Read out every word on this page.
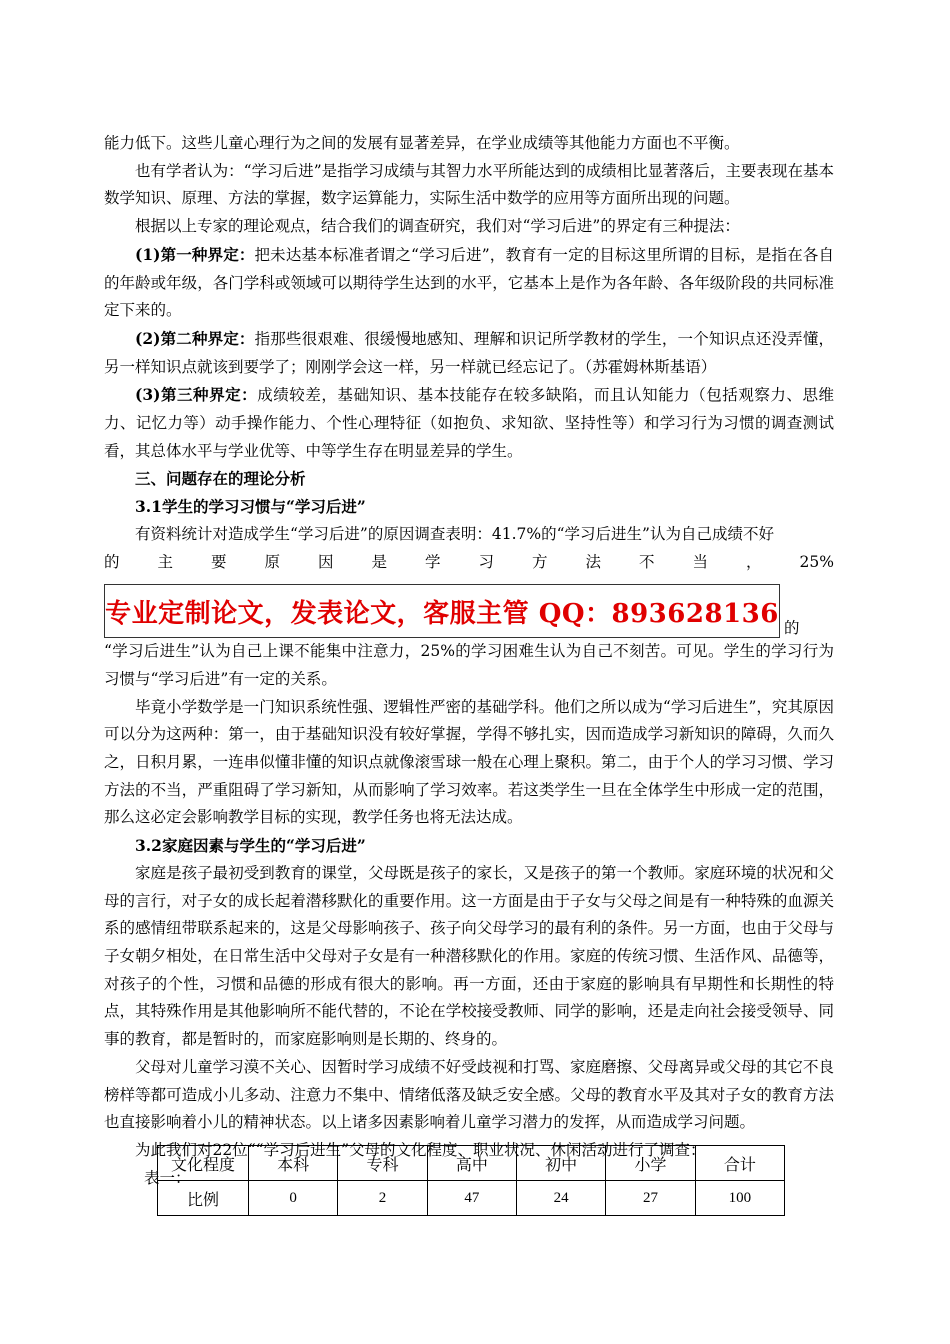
能力低下。这些儿童心理行为之间的发展有显著差异，在学业成绩等其他能力方面也不平衡。

也有学者认为：“学习后进”是指学习成绩与其智力水平所能达到的成绩相比显著落后，主要表现在基本数学知识、原理、方法的掌握，数字运算能力，实际生活中数学的应用等方面所出现的问题。

根据以上专家的理论观点，结合我们的调查研究，我们对“学习后进”的界定有三种提法：

(1)第一种界定：把未达基本标准者谓之“学习后进”，教育有一定的目标这里所谓的目标，是指在各自的年龄或年级，各门学科或领域可以期待学生达到的水平，它基本上是作为各年龄、各年级阶段的共同标准定下来的。

(2)第二种界定：指那些很艰难、很缓慢地感知、理解和识记所学教材的学生，一个知识点还没弄懂，另一样知识点就该到要学了；刚刚学会这一样，另一样就已经忘记了。（苏霍姆林斯基语）

(3)第三种界定：成绩较差，基础知识、基本技能存在较多缺陷，而且认知能力（包括观察力、思维力、记忆力等）动手操作能力、个性心理特征（如抱负、求知欲、坚持性等）和学习行为习惯的调查测试看，其总体水平与学业优等、中等学生存在明显差异的学生。

三、问题存在的理论分析

3.1学生的学习习惯与“学习后进”

有资料统计对造成学生“学习后进”的原因调查表明：41.7%的“学习后进生”认为自己成绩不好

的 主 要 原 因 是 学 习 方 法 不 当 ， 25%
专业定制论文，发表论文，客服主管 QQ：893628136 的

“学习后进生”认为自己上课不能集中注意力，25%的学习困难生认为自己不刻苦。可见。学生的学习行为习惯与“学习后进”有一定的关系。

毕竟小学数学是一门知识系统性强、逻辑性严密的基础学科。他们之所以成为“学习后进生”，究其原因可以分为这两种：第一，由于基础知识没有较好掌握，学得不够扎实，因而造成学习新知识的障碍，久而久之，日积月累，一连串似懂非懂的知识点就像滚雪球一般在心理上聚积。第二，由于个人的学习习惯、学习方法的不当，严重阻碍了学习新知，从而影响了学习效率。若这类学生一旦在全体学生中形成一定的范围，那么这必定会影响教学目标的实现，教学任务也将无法达成。

3.2家庭因素与学生的“学习后进”

家庭是孩子最初受到教育的课堂，父母既是孩子的家长，又是孩子的第一个教师。家庭环境的状况和父母的言行，对子女的成长起着潜移默化的重要作用。这一方面是由于子女与父母之间是有一种特殊的血源关系的感情纽带联系起来的，这是父母影响孩子、孩子向父母学习的最有利的条件。另一方面，也由于父母与子女朝夕相处，在日常生活中父母对子女是有一种潜移默化的作用。家庭的传统习惯、生活作风、品德等，对孩子的个性，习惯和品德的形成有很大的影响。再一方面，还由于家庭的影响具有早期性和长期性的特点，其特殊作用是其他影响所不能代替的，不论在学校接受教师、同学的影响，还是走向社会接受领导、同事的教育，都是暂时的，而家庭影响则是长期的、终身的。

父母对儿童学习漠不关心、因暂时学习成绩不好受歧视和打骂、家庭磨擦、父母离异或父母的其它不良榜样等都可造成小儿多动、注意力不集中、情绪低落及缺乏安全感。父母的教育水平及其对子女的教育方法也直接影响着小儿的精神状态。以上诸多因素影响着儿童学习潜力的发挥，从而造成学习问题。

为此我们对22位““学习后进生”父母的文化程度、职业状况、休闲活动进行了调查：

表一：

文化程度	本科	专科	高中	初中	小学	合计
比例	0	2	47	24	27	100
